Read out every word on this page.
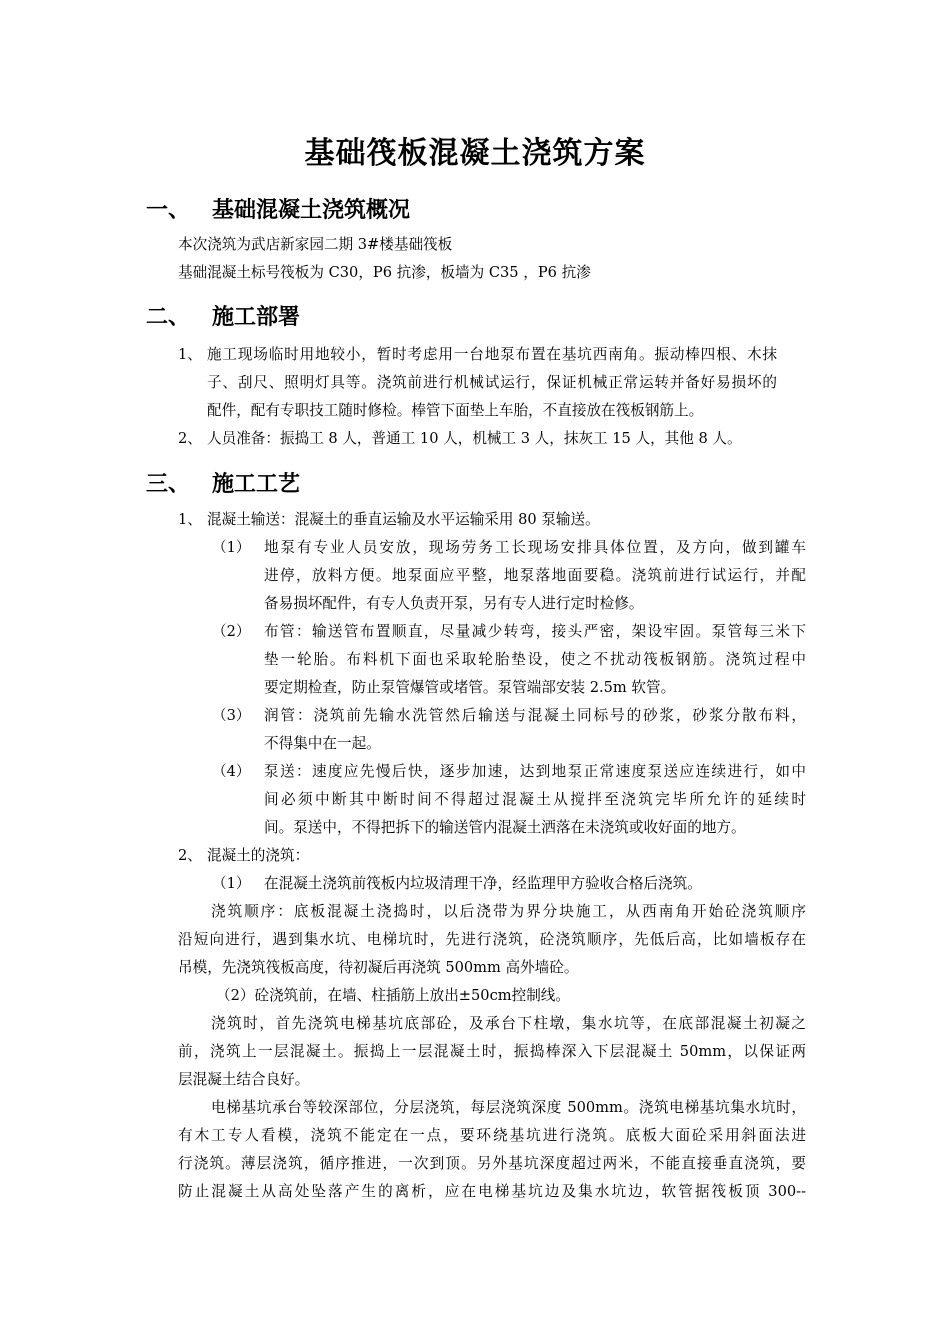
基础筏板混凝土浇筑方案
一、 基础混凝土浇筑概况
本次浇筑为武店新家园二期 3#楼基础筏板
基础混凝土标号筏板为 C30，P6 抗渗，板墙为 C35 ，P6 抗渗
二、 施工部署
1、 施工现场临时用地较小，暂时考虑用一台地泵布置在基坑西南角。振动棒四根、木抹
子、刮尺、照明灯具等。浇筑前进行机械试运行，保证机械正常运转并备好易损坏的
配件，配有专职技工随时修检。棒管下面垫上车胎，不直接放在筏板钢筋上。
2、 人员准备：振捣工 8 人，普通工 10 人，机械工 3 人，抹灰工 15 人，其他 8 人。
三、 施工工艺
1、 混凝土输送：混凝土的垂直运输及水平运输采用 80 泵输送。
（1） 地泵有专业人员安放，现场劳务工长现场安排具体位置，及方向，做到罐车
进停，放料方便。地泵面应平整，地泵落地面要稳。浇筑前进行试运行，并配
备易损坏配件，有专人负责开泵，另有专人进行定时检修。
（2） 布管：输送管布置顺直，尽量减少转弯，接头严密，架设牢固。泵管每三米下
垫一轮胎。布料机下面也采取轮胎垫设，使之不扰动筏板钢筋。浇筑过程中
要定期检查，防止泵管爆管或堵管。泵管端部安装 2.5m 软管。
（3） 润管：浇筑前先输水洗管然后输送与混凝土同标号的砂浆，砂浆分散布料，
不得集中在一起。
（4） 泵送：速度应先慢后快，逐步加速，达到地泵正常速度泵送应连续进行，如中
间必须中断其中断时间不得超过混凝土从搅拌至浇筑完毕所允许的延续时
间。泵送中，不得把拆下的输送管内混凝土洒落在未浇筑或收好面的地方。
2、 混凝土的浇筑：
（1） 在混凝土浇筑前筏板内垃圾清理干净，经监理甲方验收合格后浇筑。
浇筑顺序：底板混凝土浇捣时，以后浇带为界分块施工，从西南角开始砼浇筑顺序
沿短向进行，遇到集水坑、电梯坑时，先进行浇筑，砼浇筑顺序，先低后高，比如墙板存在
吊模，先浇筑筏板高度，待初凝后再浇筑 500mm 高外墙砼。
（2）砼浇筑前，在墙、柱插筋上放出±50cm控制线。
浇筑时，首先浇筑电梯基坑底部砼，及承台下柱墩，集水坑等，在底部混凝土初凝之
前，浇筑上一层混凝土。振捣上一层混凝土时，振捣棒深入下层混凝土 50mm，以保证两
层混凝土结合良好。
电梯基坑承台等较深部位，分层浇筑，每层浇筑深度 500mm。浇筑电梯基坑集水坑时，
有木工专人看模，浇筑不能定在一点，要环绕基坑进行浇筑。底板大面砼采用斜面法进
行浇筑。薄层浇筑，循序推进，一次到顶。另外基坑深度超过两米，不能直接垂直浇筑，要
防止混凝土从高处坠落产生的离析，应在电梯基坑边及集水坑边，软管据筏板顶 300--
